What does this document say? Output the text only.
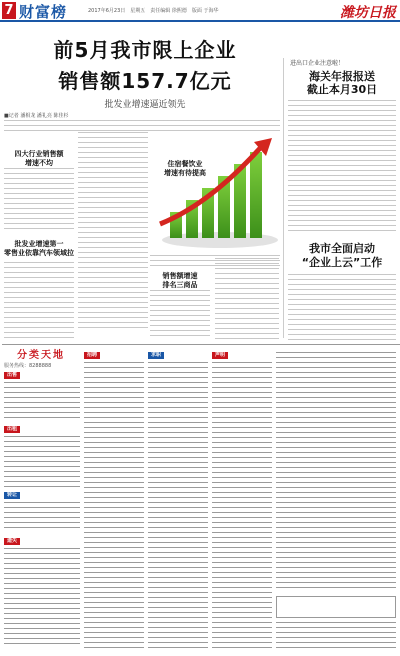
7 财富榜	2017年6月23日　星期五　责任编辑 徐熙德　版面 于海华	潍坊日报
前5月我市限上企业
销售额157.7亿元
批发业增速逼近领先
■记者 潘相龙 潘礼亮 陈佳杉
四大行业销售额
增速不均
批发业增速第一
零售业依靠汽车领域拉
住宿餐饮业
增速有待提高
销售额增速
排名三商品
进出口企业注意啦！
海关年报报送
截止本月30日
我市全面启动
“企业上云”工作
分类天地
服务热线：8288888
出售
出租
转让
遗失
招聘	求职	声明
